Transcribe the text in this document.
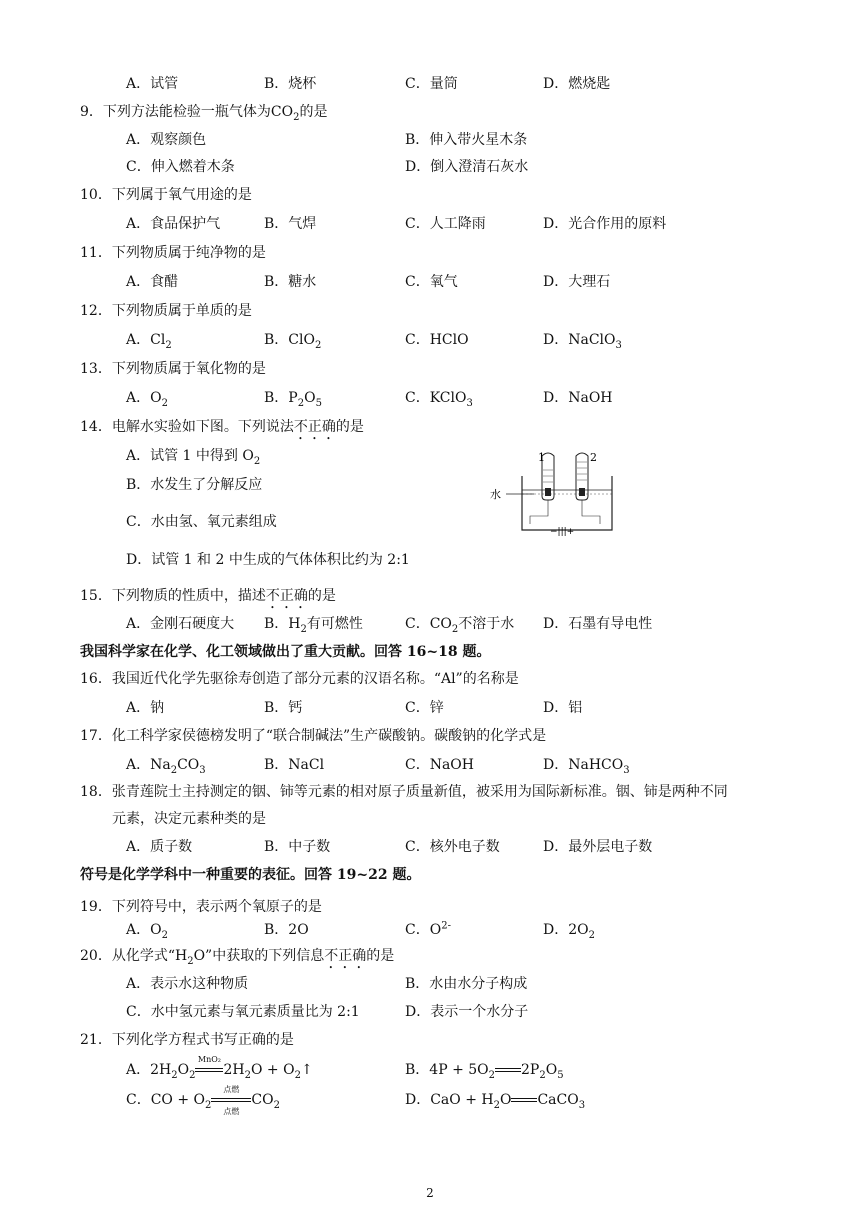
A．试管	B．烧杯	C．量筒	D．燃烧匙
9．下列方法能检验一瓶气体为$CO_2$的是
A．观察颜色	B．伸入带火星木条
C．伸入燃着木条	D．倒入澄清石灰水
10．下列属于氧气用途的是
A．食品保护气	B．气焊	C．人工降雨	D．光合作用的原料
11．下列物质属于纯净物的是
A．食醋	B．糖水	C．氧气	D．大理石
12．下列物质属于单质的是
A．$Cl_2$	B．ClO$_2$	C．HClO	D．NaClO$_3$
13．下列物质属于氧化物的是
A．$O_2$	B．$P_2O_5$	C．KClO$_3$	D．NaOH
14．电解水实验如下图。下列说法不正确的是
A．试管 1 中得到 $O_2$
B．水发生了分解反应
C．水由氢、氧元素组成
D．试管 1 和 2 中生成的气体体积比约为 2:1
水
1	2
−|||+
15．下列物质的性质中，描述不正确的是
A．金刚石硬度大 B．$H_2$有可燃性	C．$CO_2$不溶于水 D．石墨有导电性
我国科学家在化学、化工领域做出了重大贡献。回答 16~18 题。
16．我国近代化学先驱徐寿创造了部分元素的汉语名称。“Al”的名称是
A．钠	B．钙	C．锌	D．铝
17．化工科学家侯德榜发明了“联合制碱法”生产碳酸钠。碳酸钠的化学式是
A．$Na_2CO_3$	B．NaCl	C．NaOH	D．NaHCO$_3$
18．张青莲院士主持测定的铟、铈等元素的相对原子质量新值，被采用为国际新标准。铟、铈是两种不同
元素，决定元素种类的是
A．质子数	B．中子数	C．核外电子数	D．最外层电子数
符号是化学学科中一种重要的表征。回答 19~22 题。
19．下列符号中，表示两个氧原子的是
A．$O_2$	B．2O	C．$O^{2-}$	D．$2O_2$
20．从化学式“$H_2O$”中获取的下列信息不正确的是
A．表示水这种物质	B．水由水分子构成
C．水中氢元素与氧元素质量比为 2:1	D．表示一个水分子
21．下列化学方程式书写正确的是
A．$2H_2O_2$
MnO₂
$2H_2O$ + $O_2↑$	B．$4P + 5O_2$ $2P_2O_5$
C．CO + $O_2$
点燃
点燃
$CO_2$	D．CaO + $H_2O$ CaCO$_3$
2
